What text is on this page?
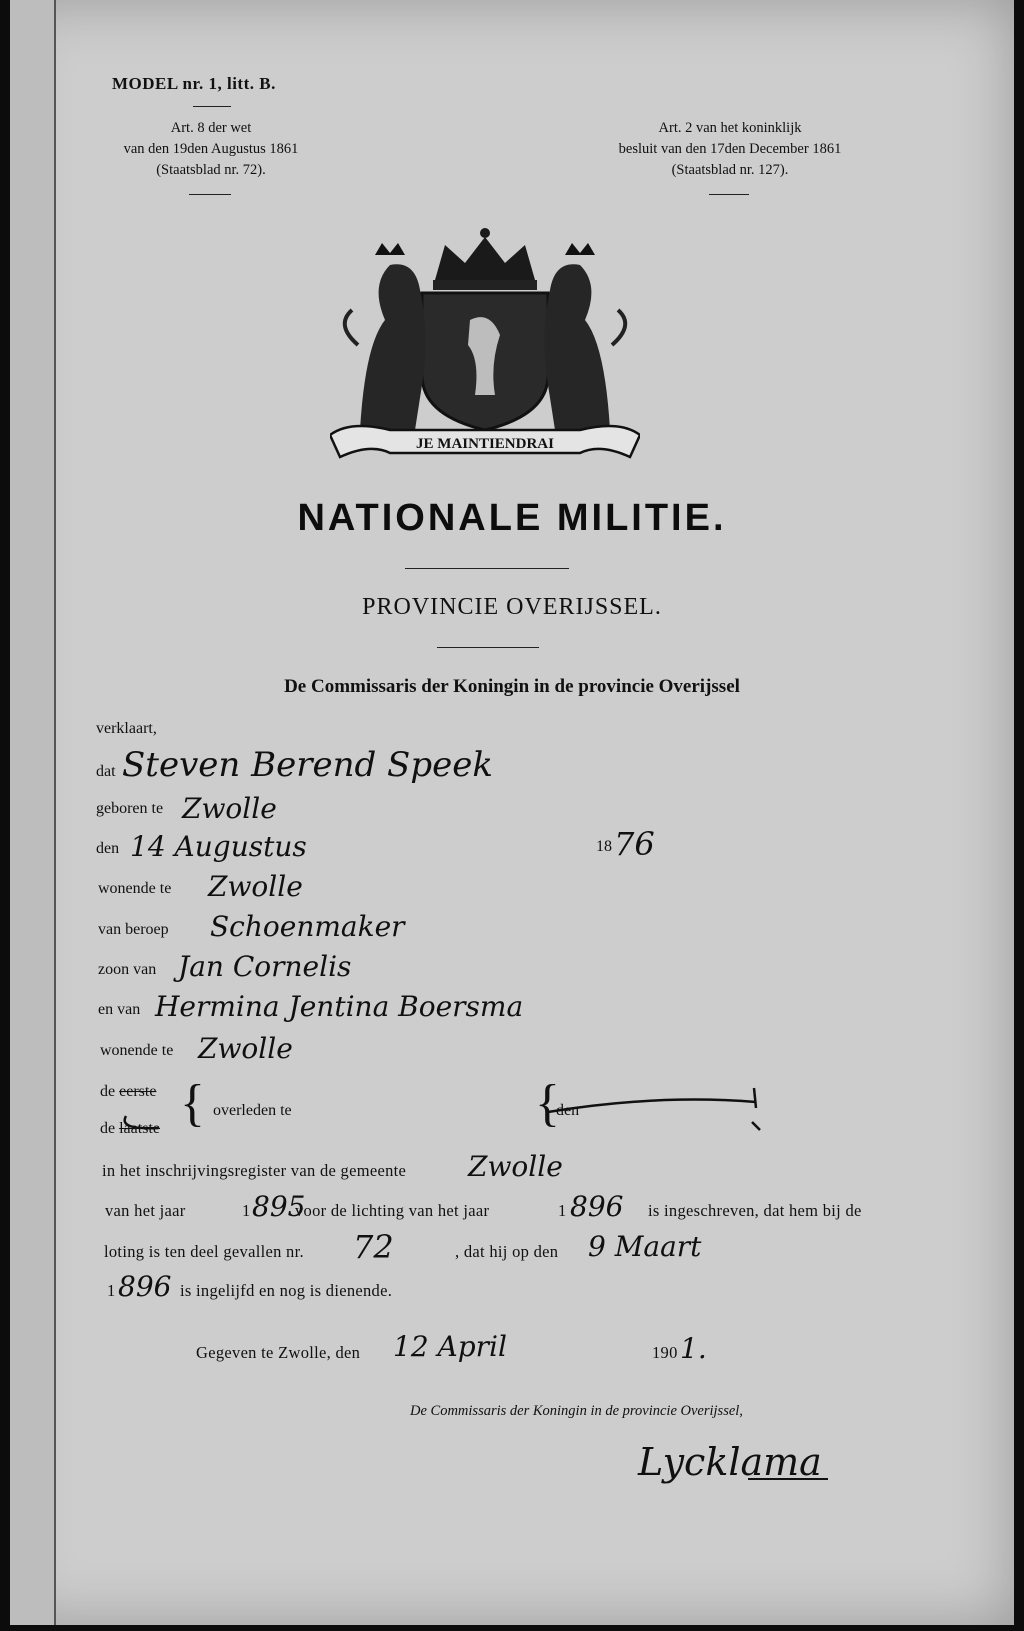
MODEL nr. 1, litt. B.
Art. 8 der wet
van den 19den Augustus 1861
(Staatsblad nr. 72).
Art. 2 van het koninklijk
besluit van den 17den December 1861
(Staatsblad nr. 127).
JE MAINTIENDRAI
NATIONALE MILITIE.
PROVINCIE OVERIJSSEL.
De Commissaris der Koningin in de provincie Overijssel
verklaart,
dat Steven Berend Speek
geboren te Zwolle
den 14 Augustus	18 76
wonende te Zwolle
van beroep Schoenmaker
zoon van Jan Cornelis
en van Hermina Jentina Boersma
wonende te Zwolle
de eerste
de laatste { overleden te	{
den
in het inschrijvingsregister van de gemeente Zwolle
van het jaar	1 895
voor de lichting van het jaar	1 896 is ingeschreven, dat hem bij de
loting is ten deel gevallen nr. 72	, dat hij op den 9 Maart
1 896 is ingelijfd en nog is dienende.
Gegeven te Zwolle, den 12 April	190 1.
De Commissaris der Koningin in de provincie Overijssel,
Lycklama
